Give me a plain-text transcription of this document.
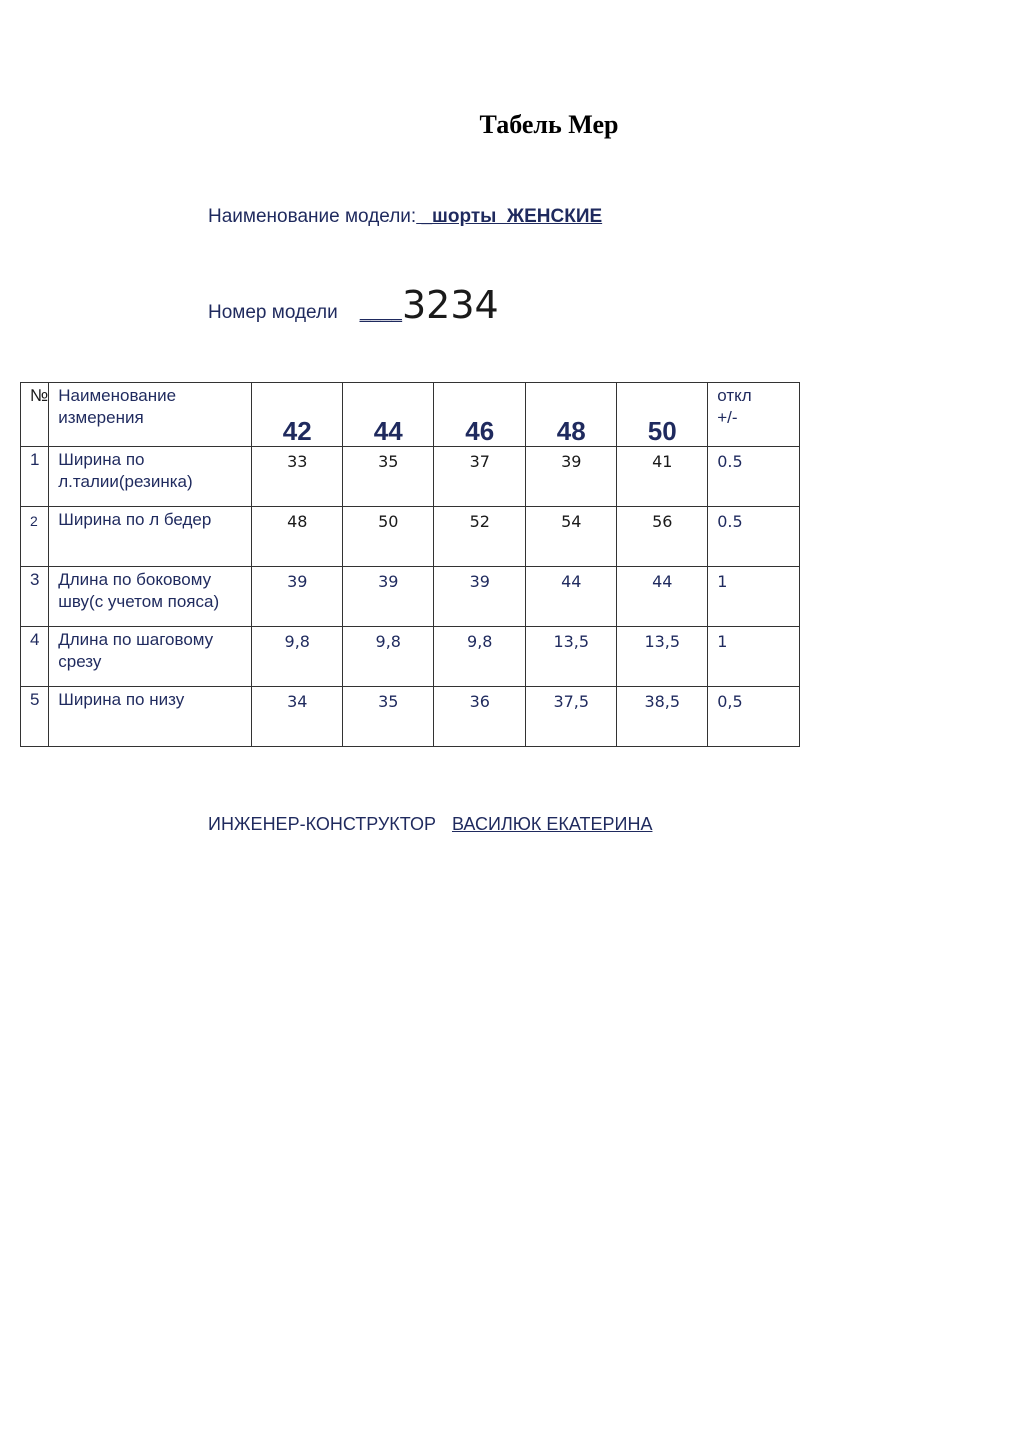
Табель Мер
Наименование модели: _шорты  ЖЕНСКИЕ
Номер модели ____3234
№	Наименование измерения	42	44	46	48	50	откл
+/-

1	Ширина по л.талии(резинка)	33	35	37	39	41	0.5
2	Ширина по л бедер	48	50	52	54	56	0.5
3	Длина по боковому шву(с учетом пояса)	39	39	39	44	44	1
4	Длина по шаговому срезу	9,8	9,8	9,8	13,5	13,5	1
5	Ширина по низу	34	35	36	37,5	38,5	0,5
ИНЖЕНЕР-КОНСТРУКТОР ВАСИЛЮК ЕКАТЕРИНА
